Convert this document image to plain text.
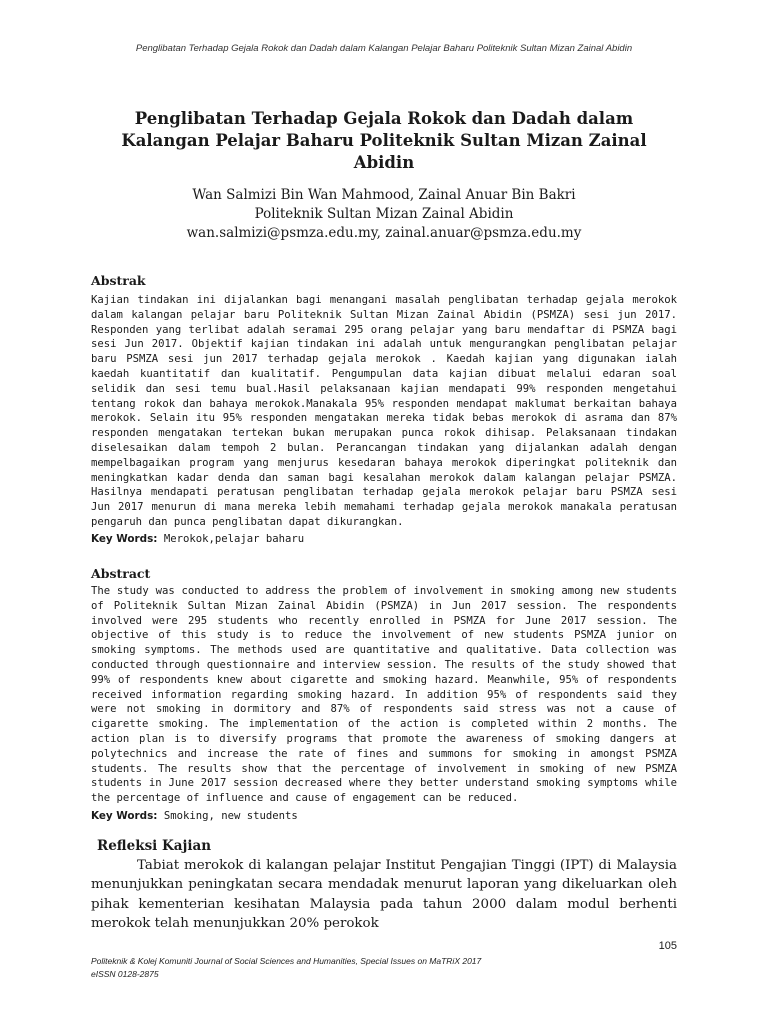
Penglibatan Terhadap Gejala Rokok dan Dadah dalam Kalangan Pelajar Baharu Politeknik Sultan Mizan Zainal Abidin
Penglibatan Terhadap Gejala Rokok dan Dadah dalam Kalangan Pelajar Baharu Politeknik Sultan Mizan Zainal Abidin
Wan Salmizi Bin Wan Mahmood, Zainal Anuar Bin Bakri
Politeknik Sultan Mizan Zainal Abidin
wan.salmizi@psmza.edu.my, zainal.anuar@psmza.edu.my
Abstrak

Kajian tindakan ini dijalankan bagi menangani masalah penglibatan terhadap gejala merokok dalam kalangan pelajar baru Politeknik Sultan Mizan Zainal Abidin (PSMZA) sesi jun 2017. Responden yang terlibat adalah seramai 295 orang pelajar yang baru mendaftar di PSMZA bagi sesi Jun 2017. Objektif kajian tindakan ini adalah untuk mengurangkan penglibatan pelajar baru PSMZA sesi jun 2017 terhadap gejala merokok . Kaedah kajian yang digunakan ialah kaedah kuantitatif dan kualitatif. Pengumpulan data kajian dibuat melalui edaran soal selidik dan sesi temu bual.Hasil pelaksanaan kajian mendapati 99% responden mengetahui tentang rokok dan bahaya merokok.Manakala 95% responden mendapat maklumat berkaitan bahaya merokok. Selain itu 95% responden mengatakan mereka tidak bebas merokok di asrama dan 87% responden mengatakan tertekan bukan merupakan punca rokok dihisap. Pelaksanaan tindakan diselesaikan dalam tempoh 2 bulan. Perancangan tindakan yang dijalankan adalah dengan mempelbagaikan program yang menjurus kesedaran bahaya merokok diperingkat politeknik dan meningkatkan kadar denda dan saman bagi kesalahan merokok dalam kalangan pelajar PSMZA. Hasilnya mendapati peratusan penglibatan terhadap gejala merokok pelajar baru PSMZA sesi Jun 2017 menurun di mana mereka lebih memahami terhadap gejala merokok manakala peratusan pengaruh dan punca penglibatan dapat dikurangkan.

Key Words: Merokok,pelajar baharu

Abstract

The study was conducted to address the problem of involvement in smoking among new students of Politeknik Sultan Mizan Zainal Abidin (PSMZA) in Jun 2017 session. The respondents involved were 295 students who recently enrolled in PSMZA for June 2017 session. The objective of this study is to reduce the involvement of new students PSMZA junior on smoking symptoms. The methods used are quantitative and qualitative. Data collection was conducted through questionnaire and interview session. The results of the study showed that 99% of respondents knew about cigarette and smoking hazard. Meanwhile, 95% of respondents received information regarding smoking hazard. In addition 95% of respondents said they were not smoking in dormitory and 87% of respondents said stress was not a cause of cigarette smoking. The implementation of the action is completed within 2 months. The action plan is to diversify programs that promote the awareness of smoking dangers at polytechnics and increase the rate of fines and summons for smoking in amongst PSMZA students. The results show that the percentage of involvement in smoking of new PSMZA students in June 2017 session decreased where they better understand smoking symptoms while the percentage of influence and cause of engagement can be reduced.

Key Words: Smoking, new students

Refleksi Kajian

Tabiat merokok di kalangan pelajar Institut Pengajian Tinggi (IPT) di Malaysia menunjukkan peningkatan secara mendadak menurut laporan yang dikeluarkan oleh pihak kementerian kesihatan Malaysia pada tahun 2000 dalam modul berhenti merokok telah menunjukkan 20% perokok

105
Politeknik & Kolej Komuniti Journal of Social Sciences and Humanities, Special Issues on MaTRiX 2017
eISSN 0128-2875
